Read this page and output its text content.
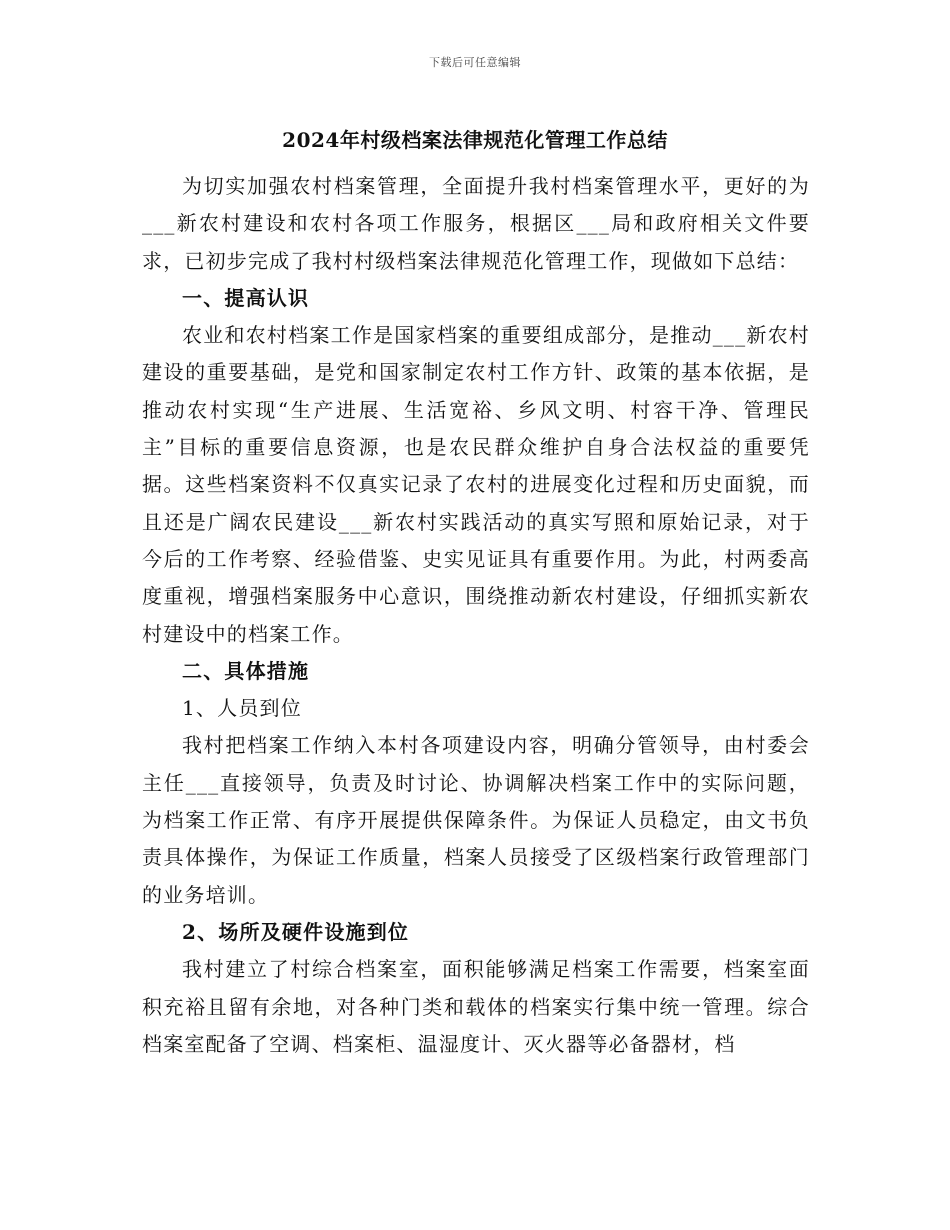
下载后可任意编辑
2024年村级档案法律规范化管理工作总结

为切实加强农村档案管理，全面提升我村档案管理水平，更好的为___新农村建设和农村各项工作服务，根据区___局和政府相关文件要求，已初步完成了我村村级档案法律规范化管理工作，现做如下总结：

一、提高认识

农业和农村档案工作是国家档案的重要组成部分，是推动___新农村建设的重要基础，是党和国家制定农村工作方针、政策的基本依据，是推动农村实现“生产进展、生活宽裕、乡风文明、村容干净、管理民主”目标的重要信息资源，也是农民群众维护自身合法权益的重要凭据。这些档案资料不仅真实记录了农村的进展变化过程和历史面貌，而且还是广阔农民建设___新农村实践活动的真实写照和原始记录，对于今后的工作考察、经验借鉴、史实见证具有重要作用。为此，村两委高度重视，增强档案服务中心意识，围绕推动新农村建设，仔细抓实新农村建设中的档案工作。

二、具体措施
1、人员到位

我村把档案工作纳入本村各项建设内容，明确分管领导，由村委会主任___直接领导，负责及时讨论、协调解决档案工作中的实际问题，为档案工作正常、有序开展提供保障条件。为保证人员稳定，由文书负责具体操作，为保证工作质量，档案人员接受了区级档案行政管理部门的业务培训。

2、场所及硬件设施到位

我村建立了村综合档案室，面积能够满足档案工作需要，档案室面积充裕且留有余地，对各种门类和载体的档案实行集中统一管理。综合档案室配备了空调、档案柜、温湿度计、灭火器等必备器材，档
